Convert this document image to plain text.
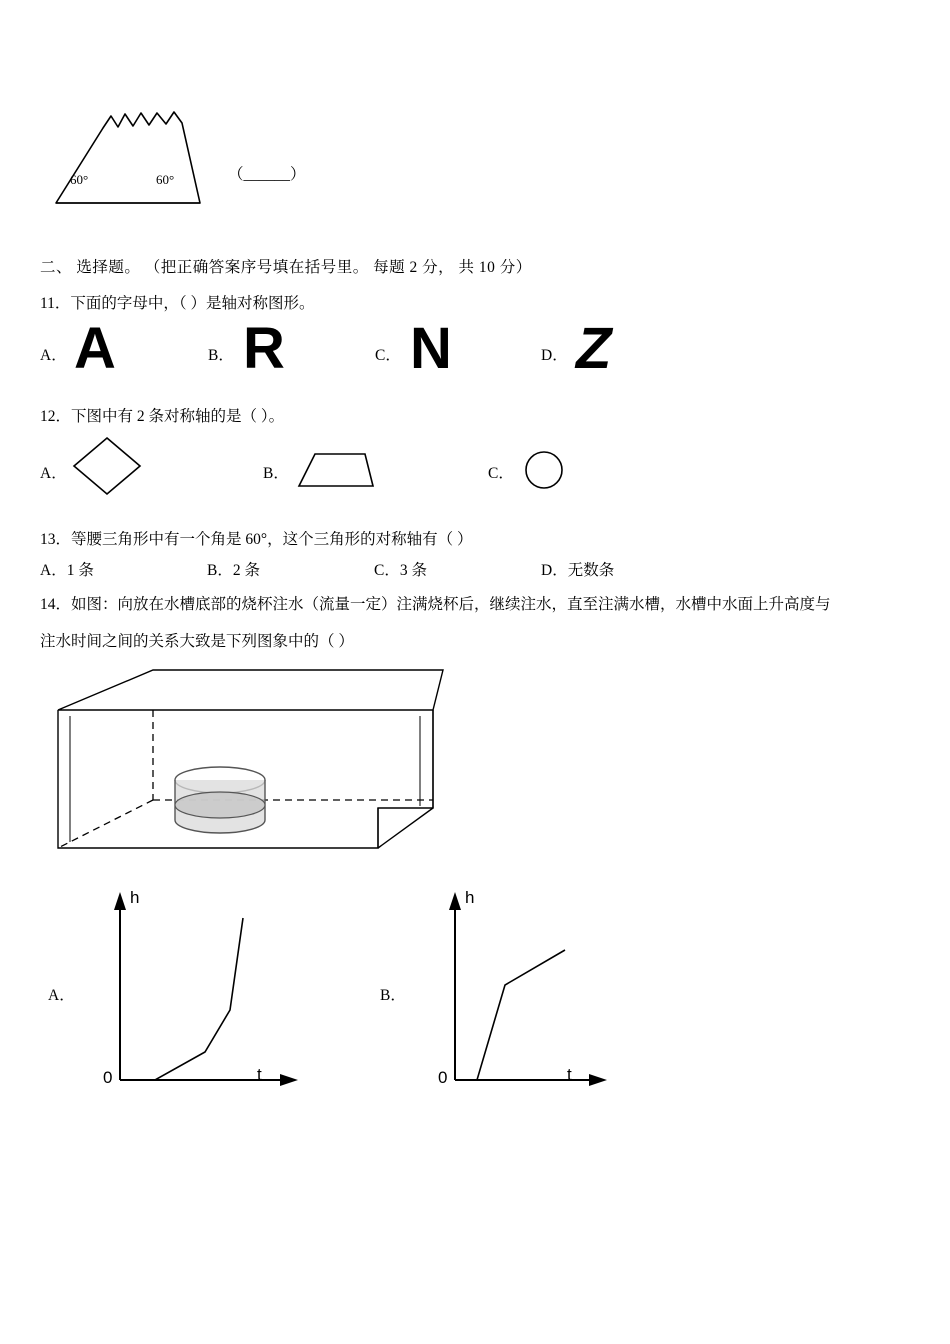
60°	60°	（______）
二、 选择题。 （把正确答案序号填在括号里。 每题 2 分， 共 10 分）
11．下面的字母中，（ ）是轴对称图形。
A． A	B． R	C． N	D． Z
12．下图中有 2 条对称轴的是（ ）。
A．	B．	C．
13．等腰三角形中有一个角是 60°，这个三角形的对称轴有（ ）
A．1 条	B．2 条	C．3 条	D．无数条
14．如图：向放在水槽底部的烧杯注水（流量一定）注满烧杯后，继续注水，直至注满水槽，水槽中水面上升高度与
注水时间之间的关系大致是下列图象中的（ ）
A．
h
t
0
B．
h
t
0
